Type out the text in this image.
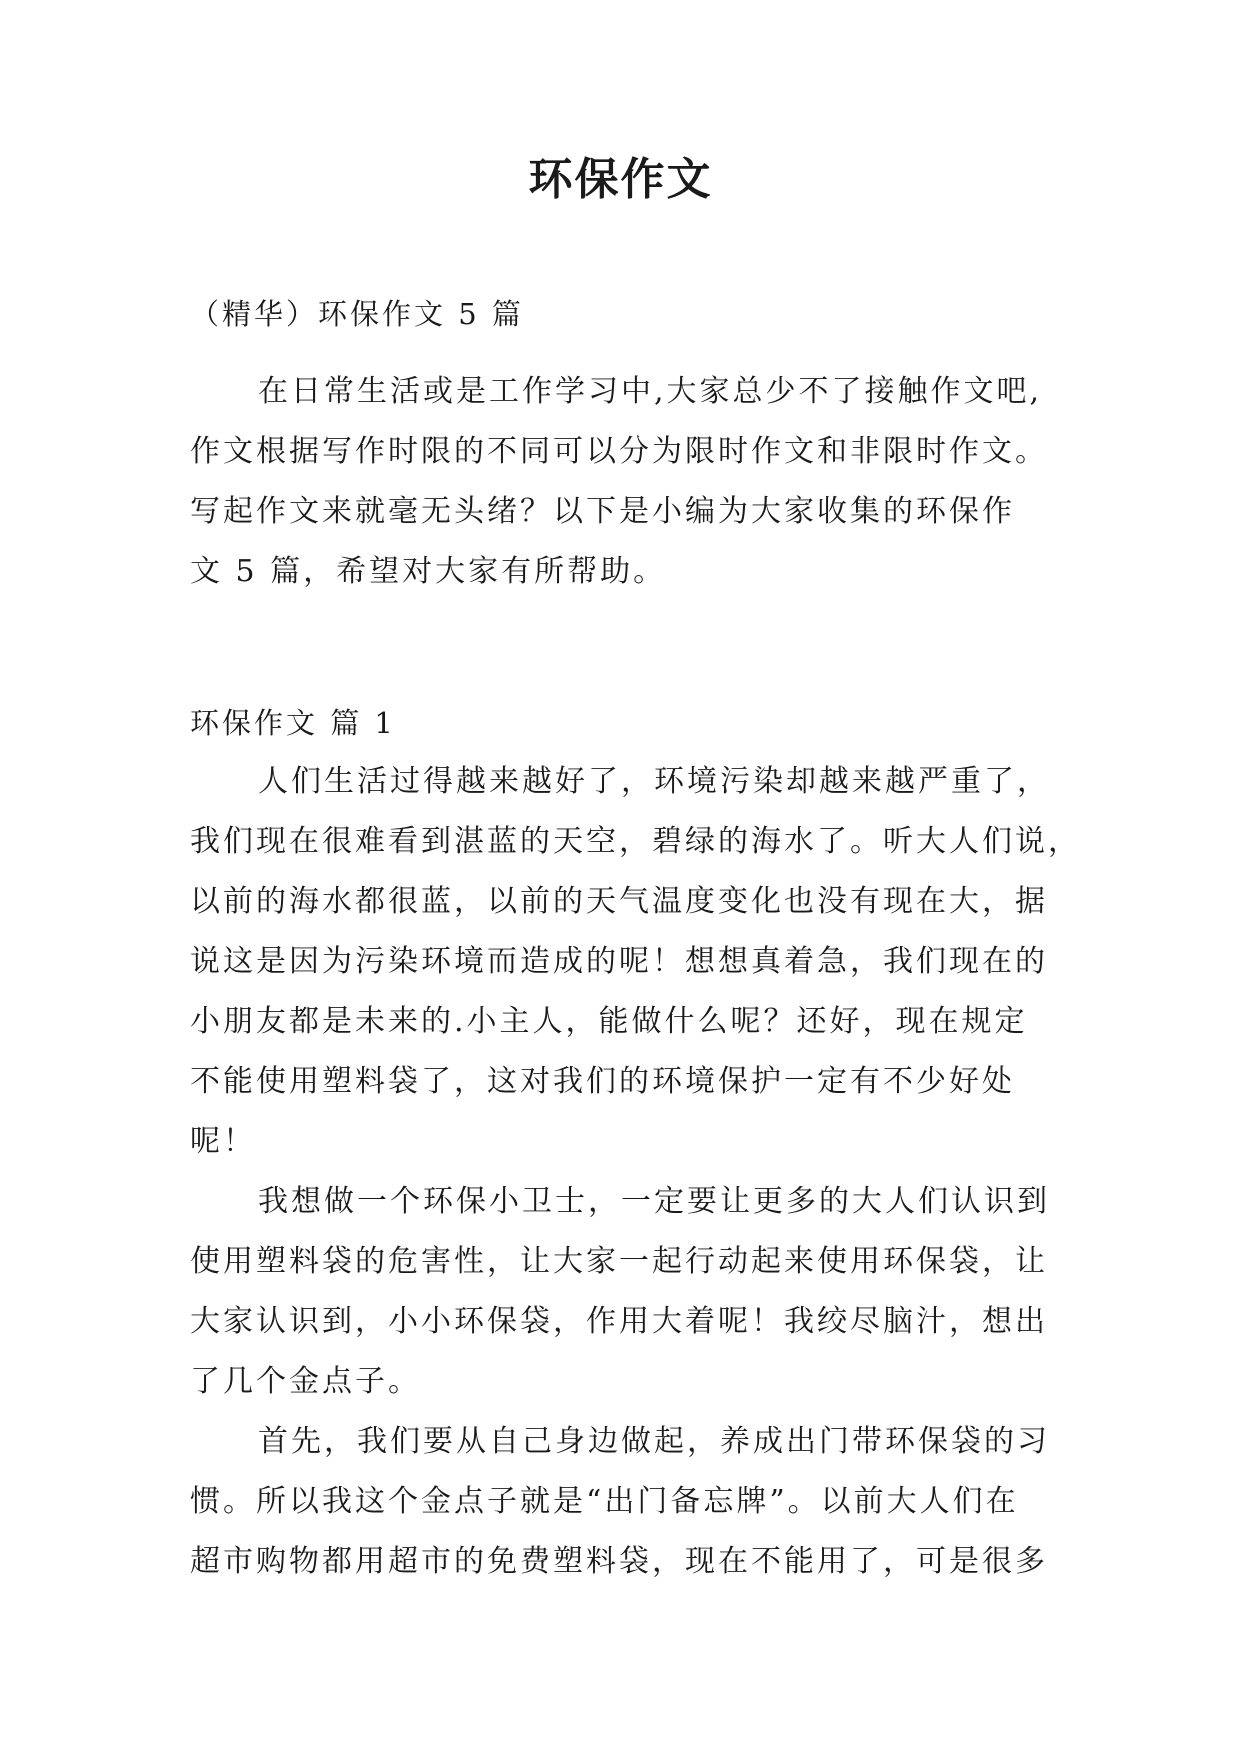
环保作文
（精华）环保作文 5 篇
在日常生活或是工作学习中,大家总少不了接触作文吧,
作文根据写作时限的不同可以分为限时作文和非限时作文。
写起作文来就毫无头绪？以下是小编为大家收集的环保作
文 5 篇，希望对大家有所帮助。
环保作文 篇 1
人们生活过得越来越好了，环境污染却越来越严重了，
我们现在很难看到湛蓝的天空，碧绿的海水了。听大人们说，
以前的海水都很蓝，以前的天气温度变化也没有现在大，据
说这是因为污染环境而造成的呢！想想真着急，我们现在的
小朋友都是未来的.小主人，能做什么呢？还好，现在规定
不能使用塑料袋了，这对我们的环境保护一定有不少好处
呢！
我想做一个环保小卫士，一定要让更多的大人们认识到
使用塑料袋的危害性，让大家一起行动起来使用环保袋，让
大家认识到，小小环保袋，作用大着呢！我绞尽脑汁，想出
了几个金点子。
首先，我们要从自己身边做起，养成出门带环保袋的习
惯。所以我这个金点子就是“出门备忘牌”。以前大人们在
超市购物都用超市的免费塑料袋，现在不能用了，可是很多
